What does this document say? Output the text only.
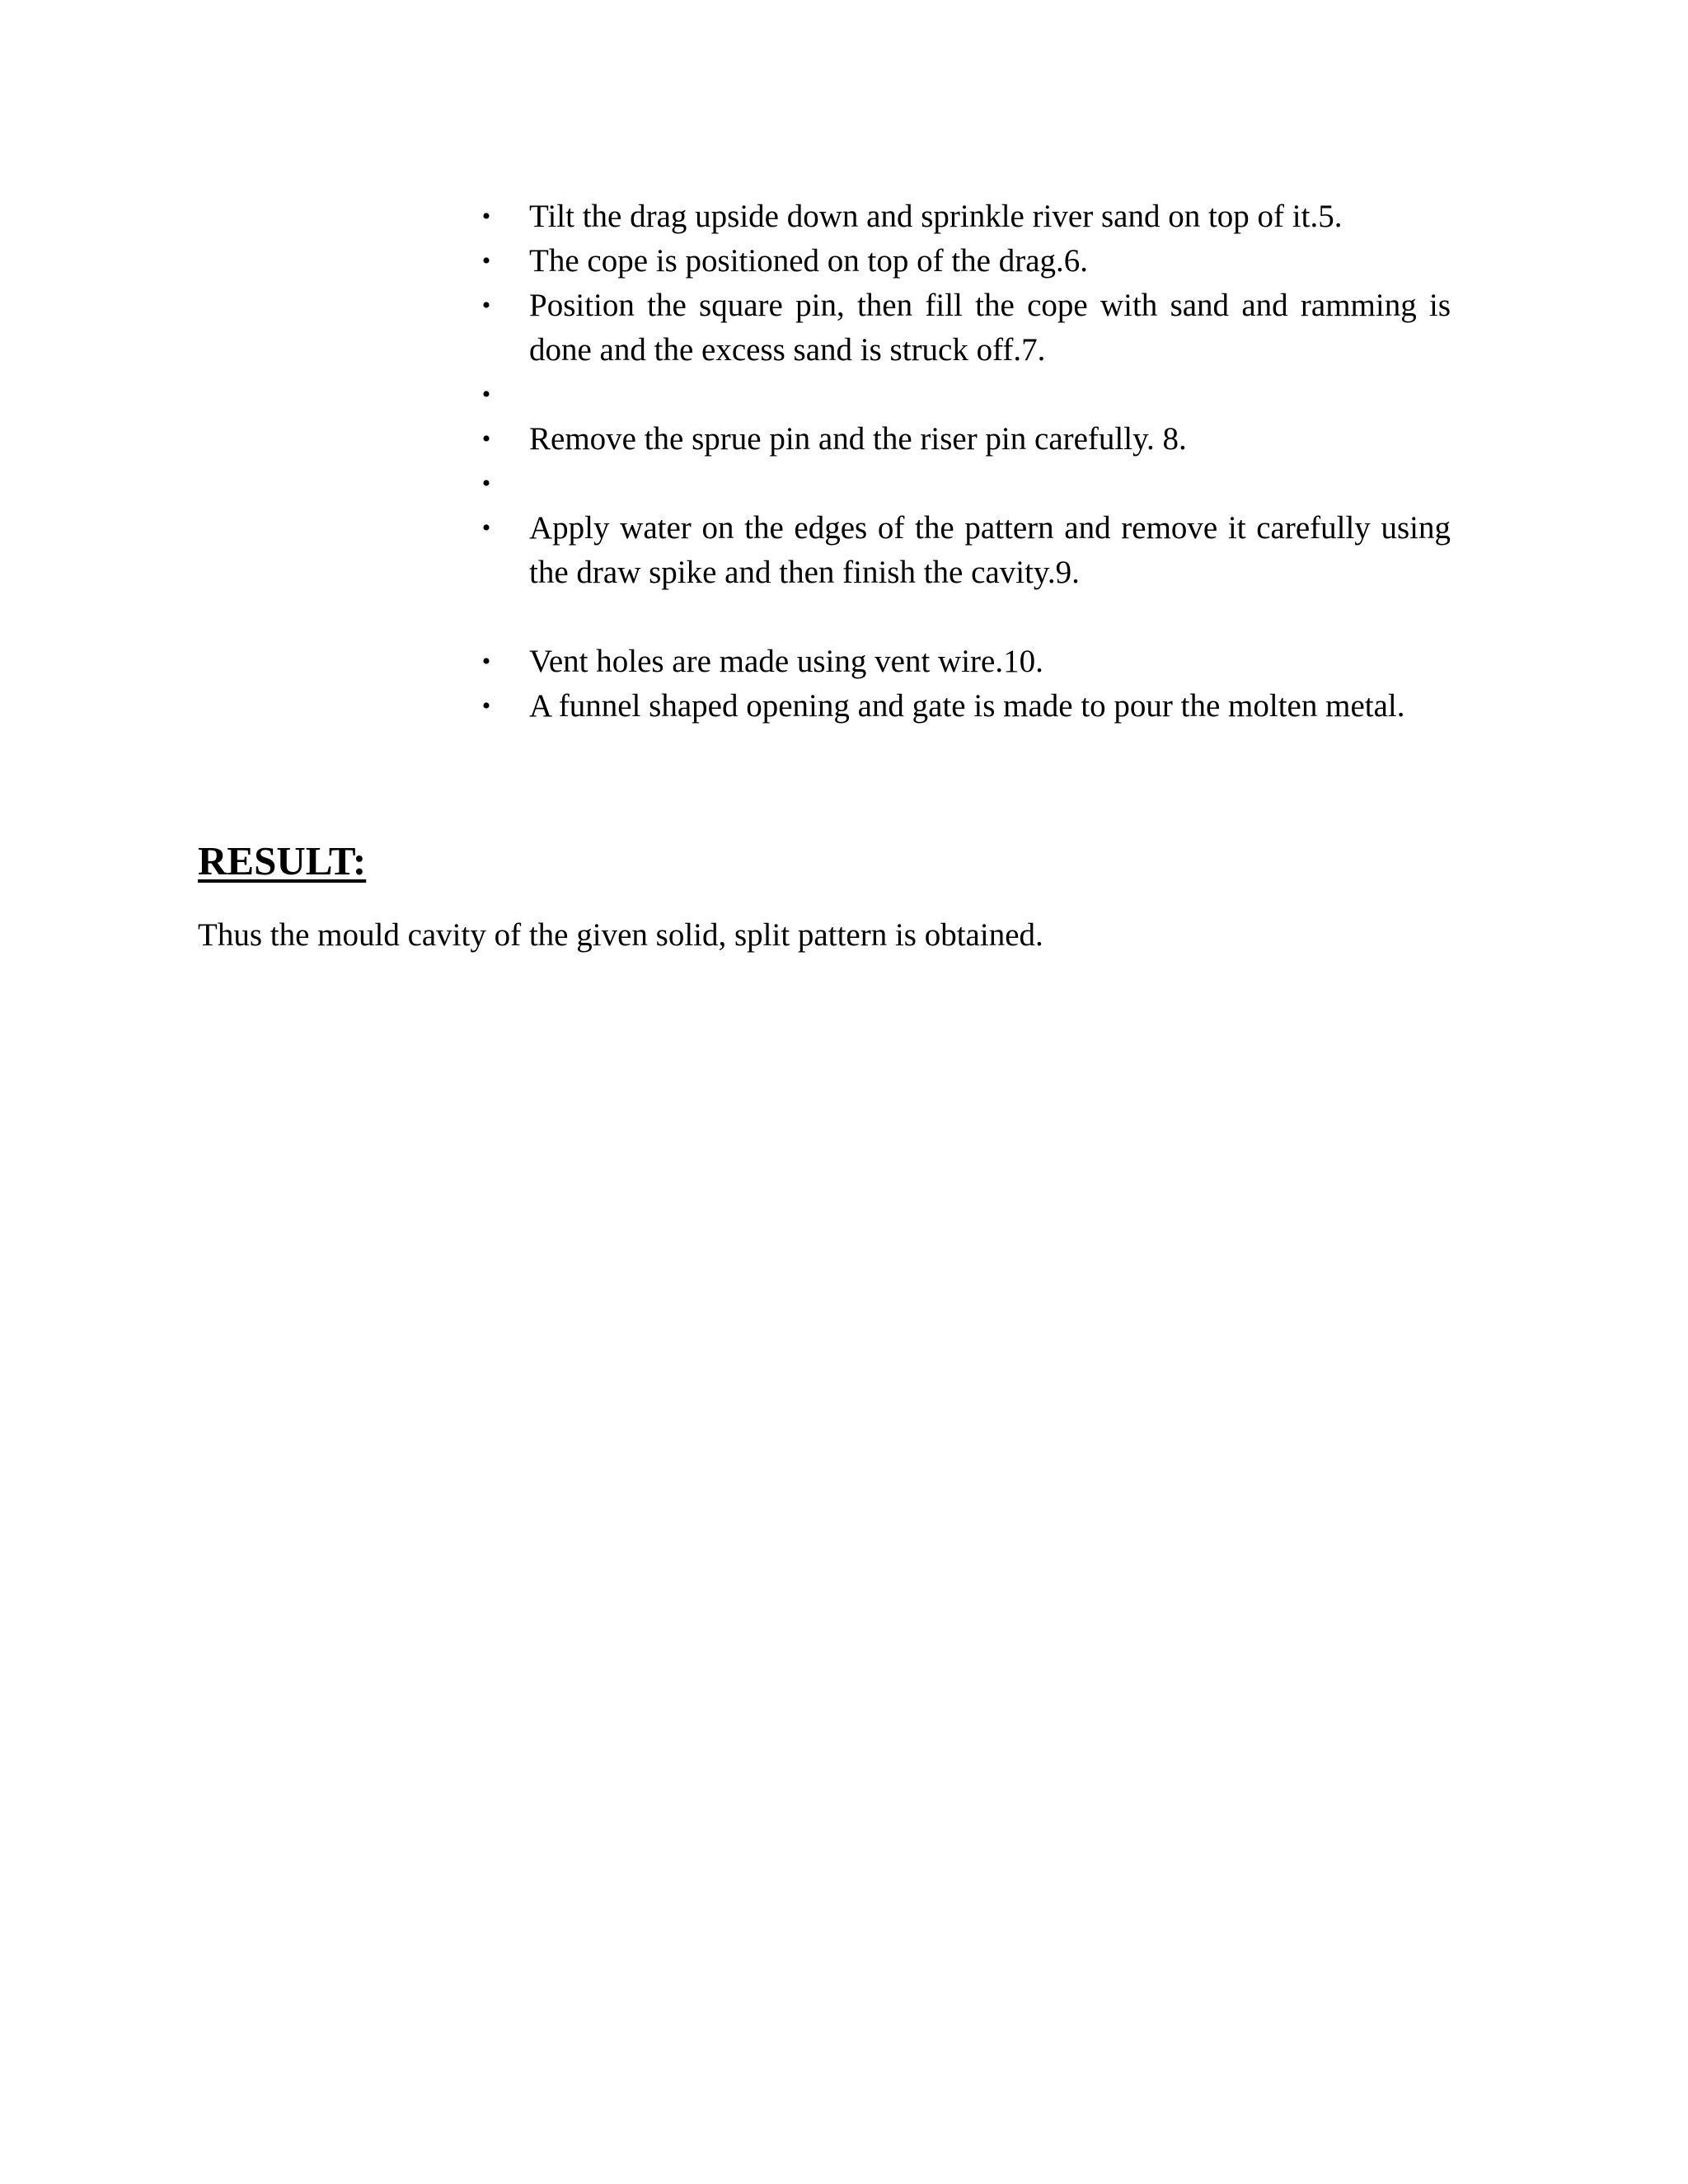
• Tilt the drag upside down and sprinkle river sand on top of it.5.
• The cope is positioned on top of the drag.6.
• Position the square pin, then fill the cope with sand and ramming is done and the excess sand is struck off.7.
•
• Remove the sprue pin and the riser pin carefully. 8.
•
• Apply water on the edges of the pattern and remove it carefully using the draw spike and then finish the cavity.9.
• Vent holes are made using vent wire.10.
• A funnel shaped opening and gate is made to pour the molten metal.
RESULT:

Thus the mould cavity of the given solid, split pattern is obtained.
